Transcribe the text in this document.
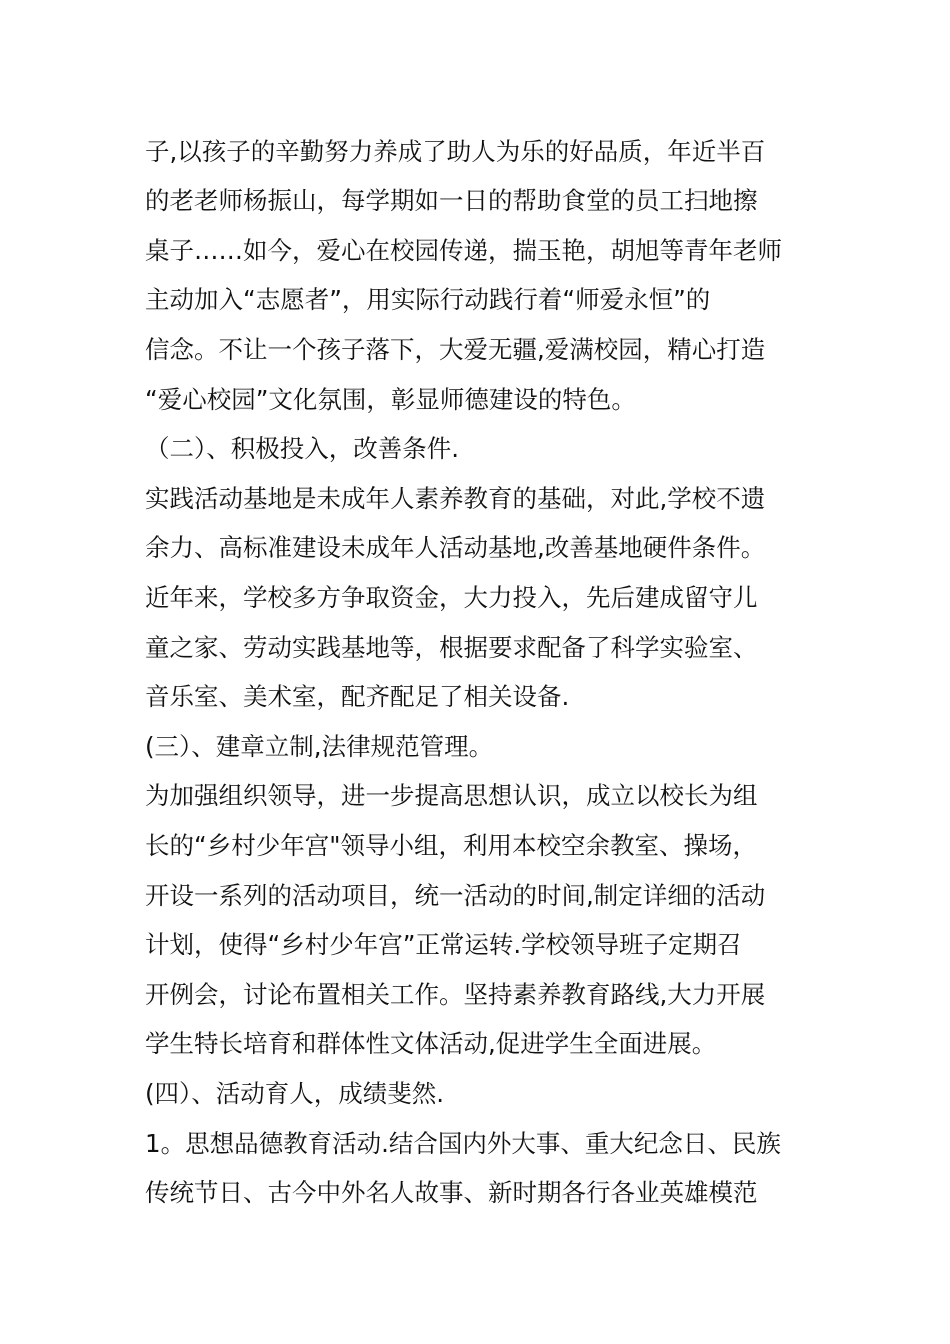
子,以孩子的辛勤努力养成了助人为乐的好品质，年近半百
的老老师杨振山，每学期如一日的帮助食堂的员工扫地擦
桌子……如今，爱心在校园传递，揣玉艳，胡旭等青年老师
主动加入“志愿者”，用实际行动践行着“师爱永恒”的
信念。不让一个孩子落下，大爱无疆,爱满校园，精心打造
“爱心校园”文化氛围，彰显师德建设的特色。
（二）、积极投入，改善条件.
实践活动基地是未成年人素养教育的基础，对此,学校不遗
余力、高标准建设未成年人活动基地,改善基地硬件条件。
近年来，学校多方争取资金，大力投入，先后建成留守儿
童之家、劳动实践基地等，根据要求配备了科学实验室、
音乐室、美术室，配齐配足了相关设备.
(三）、建章立制,法律规范管理。
为加强组织领导，进一步提高思想认识，成立以校长为组
长的“乡村少年宫"领导小组，利用本校空余教室、操场，
开设一系列的活动项目，统一活动的时间,制定详细的活动
计划，使得“乡村少年宫”正常运转.学校领导班子定期召
开例会，讨论布置相关工作。坚持素养教育路线,大力开展
学生特长培育和群体性文体活动,促进学生全面进展。
(四）、活动育人，成绩斐然.
1。思想品德教育活动.结合国内外大事、重大纪念日、民族
传统节日、古今中外名人故事、新时期各行各业英雄模范
